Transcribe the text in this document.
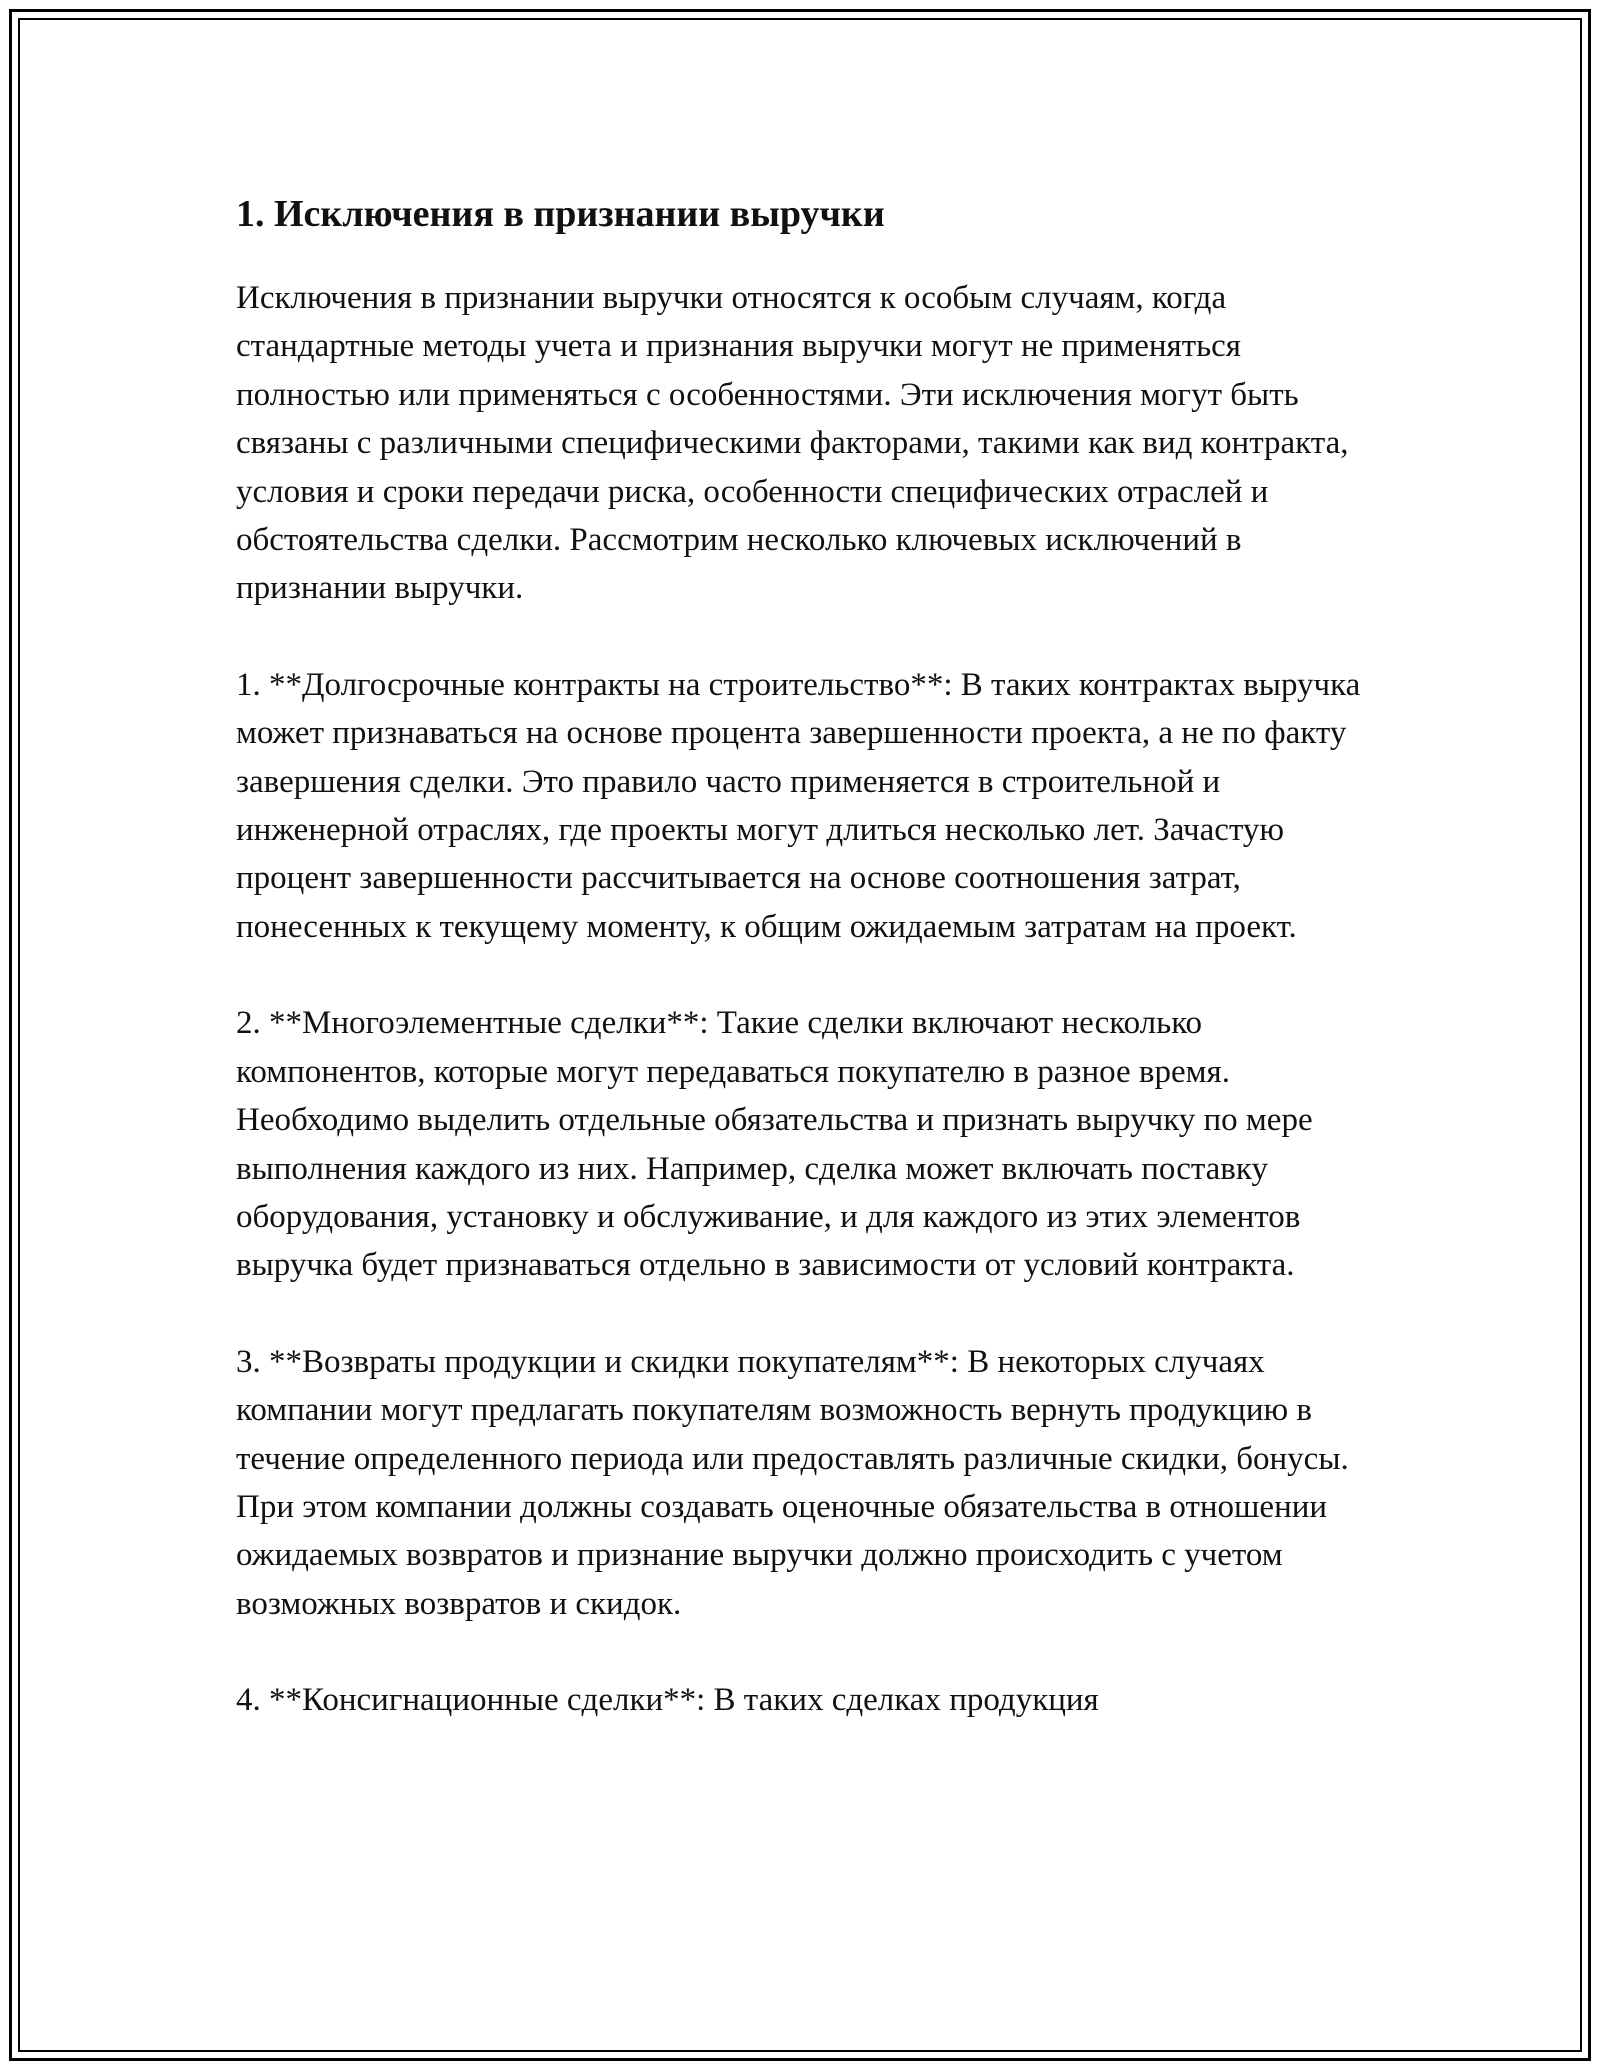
1. Исключения в признании выручки

Исключения в признании выручки относятся к особым случаям, когда стандартные методы учета и признания выручки могут не применяться полностью или применяться с особенностями. Эти исключения могут быть связаны с различными специфическими факторами, такими как вид контракта, условия и сроки передачи риска, особенности специфических отраслей и обстоятельства сделки. Рассмотрим несколько ключевых исключений в признании выручки.

1. **Долгосрочные контракты на строительство**: В таких контрактах выручка может признаваться на основе процента завершенности проекта, а не по факту завершения сделки. Это правило часто применяется в строительной и инженерной отраслях, где проекты могут длиться несколько лет. Зачастую процент завершенности рассчитывается на основе соотношения затрат, понесенных к текущему моменту, к общим ожидаемым затратам на проект.

2. **Многоэлементные сделки**: Такие сделки включают несколько компонентов, которые могут передаваться покупателю в разное время. Необходимо выделить отдельные обязательства и признать выручку по мере выполнения каждого из них. Например, сделка может включать поставку оборудования, установку и обслуживание, и для каждого из этих элементов выручка будет признаваться отдельно в зависимости от условий контракта.

3. **Возвраты продукции и скидки покупателям**: В некоторых случаях компании могут предлагать покупателям возможность вернуть продукцию в течение определенного периода или предоставлять различные скидки, бонусы. При этом компании должны создавать оценочные обязательства в отношении ожидаемых возвратов и признание выручки должно происходить с учетом возможных возвратов и скидок.

4. **Консигнационные сделки**: В таких сделках продукция
